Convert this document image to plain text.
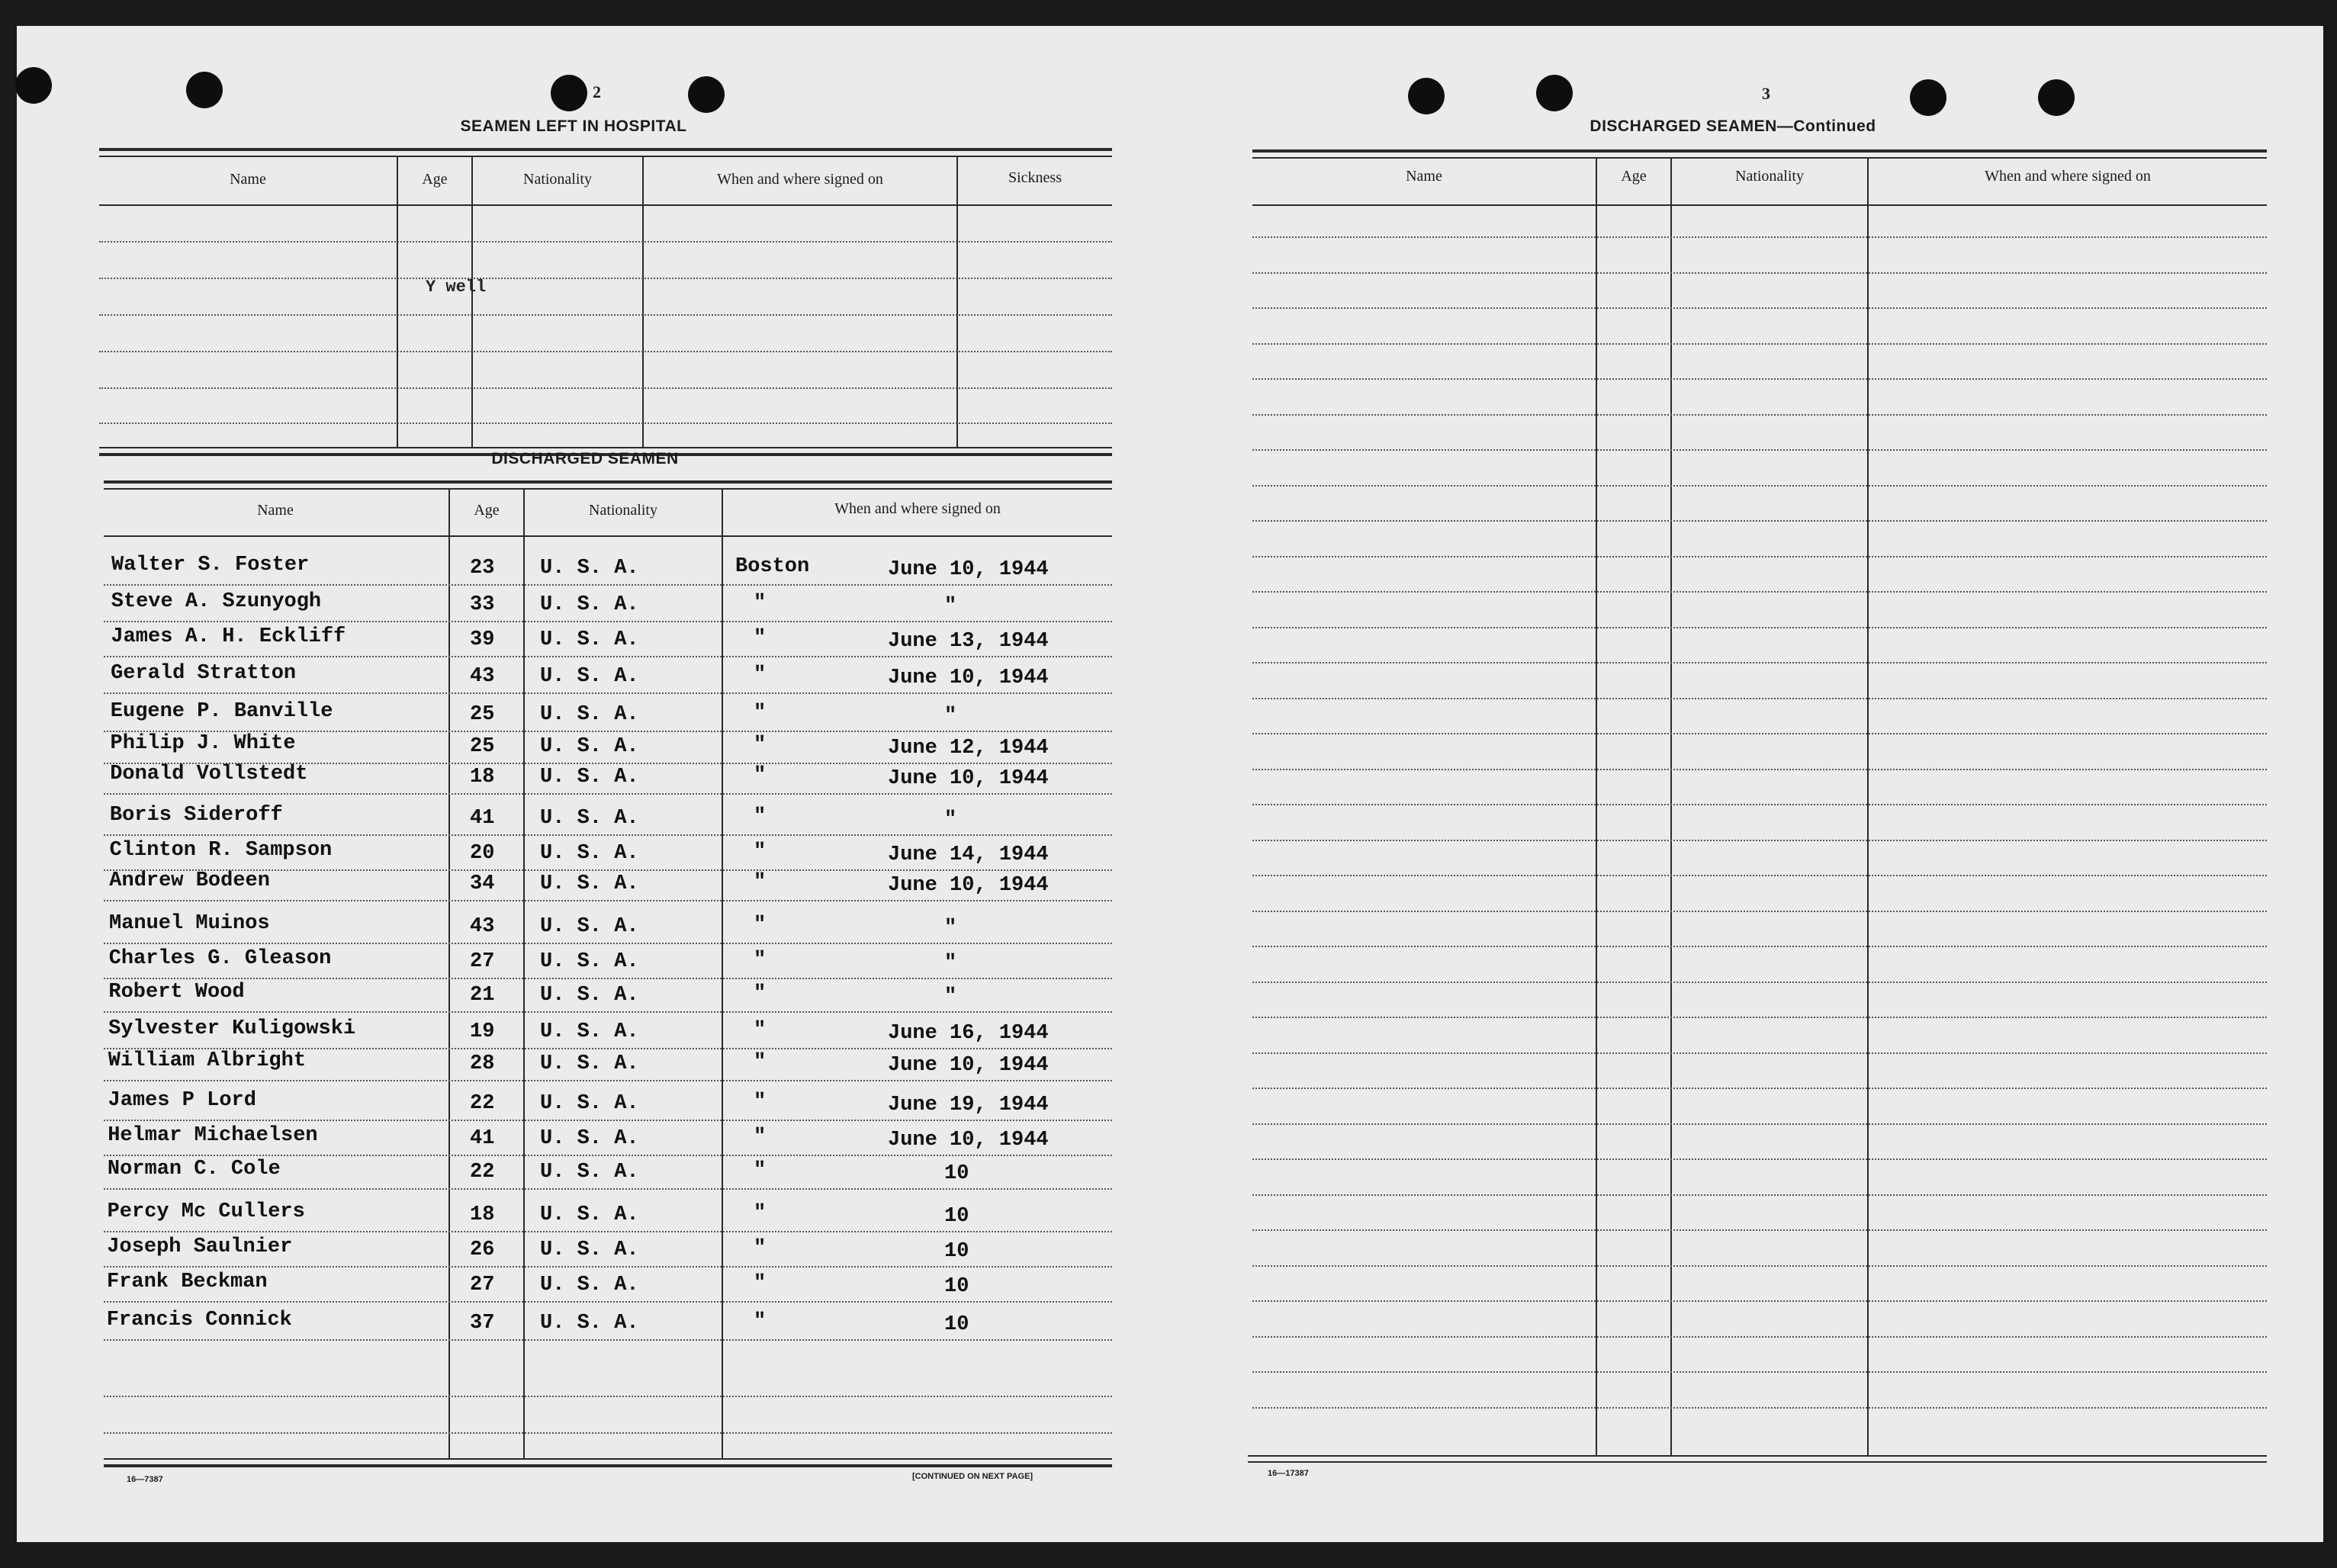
2
SEAMEN LEFT IN HOSPITAL
Name	Age	Nationality	When and where signed on	Sickness
Y well
DISCHARGED SEAMEN
Name	Age	Nationality	When and where signed on
Walter S. Foster	23 U. S. A.	Boston	June 10, 1944
Steve A. Szunyogh	33 U. S. A.	"	"
James A. H. Eckliff	39 U. S. A.	"	June 13, 1944
Gerald Stratton	43 U. S. A.	"	June 10, 1944
Eugene P. Banville	25 U. S. A.	"	"
Philip J. White	25 U. S. A.	"	June 12, 1944
Donald Vollstedt	18 U. S. A.	"	June 10, 1944
Boris Sideroff	41 U. S. A.	"	"
Clinton R. Sampson	20 U. S. A.	"	June 14, 1944
Andrew Bodeen	34 U. S. A.	"	June 10, 1944
Manuel Muinos	43 U. S. A.	"	"
Charles G. Gleason	27 U. S. A.	"	"
Robert Wood	21 U. S. A.	"	"
Sylvester Kuligowski	19 U. S. A.	"	June 16, 1944
William Albright	28 U. S. A.	"	June 10, 1944
James P Lord	22 U. S. A.	"	June 19, 1944
Helmar Michaelsen	41 U. S. A.	"	June 10, 1944
Norman C. Cole	22 U. S. A.	"	10
Percy Mc Cullers	18 U. S. A.	"	10
Joseph Saulnier	26 U. S. A.	"	10
Frank Beckman	27 U. S. A.	"	10
Francis Connick	37 U. S. A.	"	10
16—7387	[CONTINUED ON NEXT PAGE]
3
DISCHARGED SEAMEN—Continued
Name	Age	Nationality	When and where signed on
16—17387
